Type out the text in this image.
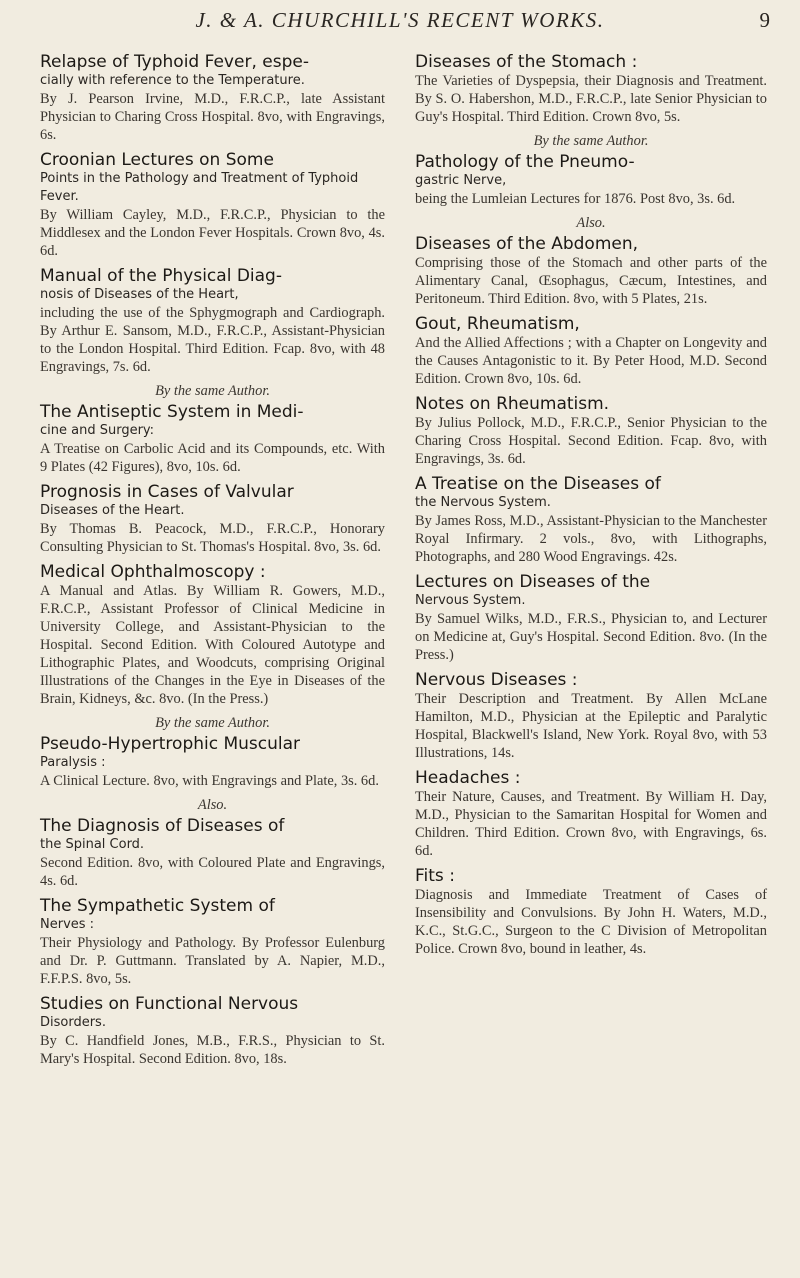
J. & A. CHURCHILL'S RECENT WORKS.	9
Relapse of Typhoid Fever, espe-
cially with reference to the Temperature.
By J. Pearson Irvine, M.D., F.R.C.P., late Assistant Physician to Charing Cross Hospital. 8vo, with Engravings, 6s.
Croonian Lectures on Some
Points in the Pathology and Treatment of Typhoid Fever.
By William Cayley, M.D., F.R.C.P., Physician to the Middlesex and the London Fever Hospitals. Crown 8vo, 4s. 6d.
Manual of the Physical Diag-
nosis of Diseases of the Heart,
including the use of the Sphygmograph and Cardiograph. By Arthur E. Sansom, M.D., F.R.C.P., Assistant-Physician to the London Hospital. Third Edition. Fcap. 8vo, with 48 Engravings, 7s. 6d.
By the same Author.
The Antiseptic System in Medi-
cine and Surgery:
A Treatise on Carbolic Acid and its Compounds, etc. With 9 Plates (42 Figures), 8vo, 10s. 6d.
Prognosis in Cases of Valvular
Diseases of the Heart.
By Thomas B. Peacock, M.D., F.R.C.P., Honorary Consulting Physician to St. Thomas's Hospital. 8vo, 3s. 6d.
Medical Ophthalmoscopy :
A Manual and Atlas. By William R. Gowers, M.D., F.R.C.P., Assistant Professor of Clinical Medicine in University College, and Assistant-Physician to the Hospital. Second Edition. With Coloured Autotype and Lithographic Plates, and Woodcuts, comprising Original Illustrations of the Changes in the Eye in Diseases of the Brain, Kidneys, &c. 8vo. (In the Press.)
By the same Author.
Pseudo-Hypertrophic Muscular
Paralysis :
A Clinical Lecture. 8vo, with Engravings and Plate, 3s. 6d.
Also.
The Diagnosis of Diseases of
the Spinal Cord.
Second Edition. 8vo, with Coloured Plate and Engravings, 4s. 6d.
The Sympathetic System of
Nerves :
Their Physiology and Pathology. By Professor Eulenburg and Dr. P. Guttmann. Translated by A. Napier, M.D., F.F.P.S. 8vo, 5s.
Studies on Functional Nervous
Disorders.
By C. Handfield Jones, M.B., F.R.S., Physician to St. Mary's Hospital. Second Edition. 8vo, 18s.
Diseases of the Stomach :
The Varieties of Dyspepsia, their Diagnosis and Treatment. By S. O. Habershon, M.D., F.R.C.P., late Senior Physician to Guy's Hospital. Third Edition. Crown 8vo, 5s.
By the same Author.
Pathology of the Pneumo-
gastric Nerve,
being the Lumleian Lectures for 1876. Post 8vo, 3s. 6d.
Also.
Diseases of the Abdomen,
Comprising those of the Stomach and other parts of the Alimentary Canal, Œsophagus, Cæcum, Intestines, and Peritoneum. Third Edition. 8vo, with 5 Plates, 21s.
Gout, Rheumatism,
And the Allied Affections ; with a Chapter on Longevity and the Causes Antagonistic to it. By Peter Hood, M.D. Second Edition. Crown 8vo, 10s. 6d.
Notes on Rheumatism.
By Julius Pollock, M.D., F.R.C.P., Senior Physician to the Charing Cross Hospital. Second Edition. Fcap. 8vo, with Engravings, 3s. 6d.
A Treatise on the Diseases of
the Nervous System.
By James Ross, M.D., Assistant-Physician to the Manchester Royal Infirmary. 2 vols., 8vo, with Lithographs, Photographs, and 280 Wood Engravings. 42s.
Lectures on Diseases of the
Nervous System.
By Samuel Wilks, M.D., F.R.S., Physician to, and Lecturer on Medicine at, Guy's Hospital. Second Edition. 8vo. (In the Press.)
Nervous Diseases :
Their Description and Treatment. By Allen McLane Hamilton, M.D., Physician at the Epileptic and Paralytic Hospital, Blackwell's Island, New York. Royal 8vo, with 53 Illustrations, 14s.
Headaches :
Their Nature, Causes, and Treatment. By William H. Day, M.D., Physician to the Samaritan Hospital for Women and Children. Third Edition. Crown 8vo, with Engravings, 6s. 6d.
Fits :
Diagnosis and Immediate Treatment of Cases of Insensibility and Convulsions. By John H. Waters, M.D., K.C., St.G.C., Surgeon to the C Division of Metropolitan Police. Crown 8vo, bound in leather, 4s.
